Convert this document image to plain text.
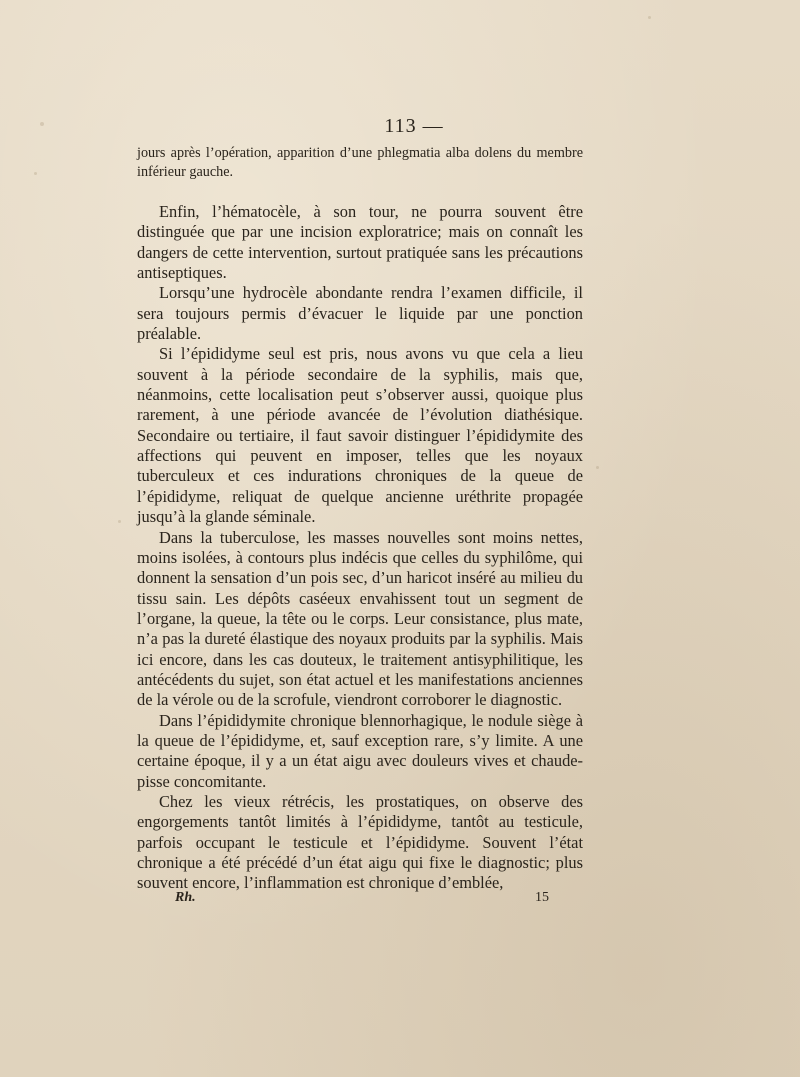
113 —

jours après l’opération, apparition d’une phlegmatia alba dolens du membre inférieur gauche.

Enfin, l’hématocèle, à son tour, ne pourra souvent être distinguée que par une incision exploratrice; mais on connaît les dangers de cette intervention, surtout pratiquée sans les précautions antiseptiques.

Lorsqu’une hydrocèle abondante rendra l’examen difficile, il sera toujours permis d’évacuer le liquide par une ponction préalable.

Si l’épididyme seul est pris, nous avons vu que cela a lieu souvent à la période secondaire de la syphilis, mais que, néanmoins, cette localisation peut s’observer aussi, quoique plus rarement, à une période avancée de l’évolution diathésique. Secondaire ou tertiaire, il faut savoir distinguer l’épididymite des affections qui peuvent en imposer, telles que les noyaux tuberculeux et ces indurations chroniques de la queue de l’épididyme, reliquat de quelque ancienne uréthrite propagée jusqu’à la glande séminale.

Dans la tuberculose, les masses nouvelles sont moins nettes, moins isolées, à contours plus indécis que celles du syphilôme, qui donnent la sensation d’un pois sec, d’un haricot inséré au milieu du tissu sain. Les dépôts caséeux envahissent tout un segment de l’organe, la queue, la tête ou le corps. Leur consistance, plus mate, n’a pas la dureté élastique des noyaux produits par la syphilis. Mais ici encore, dans les cas douteux, le traitement antisyphilitique, les antécédents du sujet, son état actuel et les manifestations anciennes de la vérole ou de la scrofule, viendront corroborer le diagnostic.

Dans l’épididymite chronique blennorhagique, le nodule siège à la queue de l’épididyme, et, sauf exception rare, s’y limite. A une certaine époque, il y a un état aigu avec douleurs vives et chaude-pisse concomitante.

Chez les vieux rétrécis, les prostatiques, on observe des engorgements tantôt limités à l’épididyme, tantôt au testicule, parfois occupant le testicule et l’épididyme. Souvent l’état chronique a été précédé d’un état aigu qui fixe le diagnostic; plus souvent encore, l’inflammation est chronique d’emblée,

Rh.	15
